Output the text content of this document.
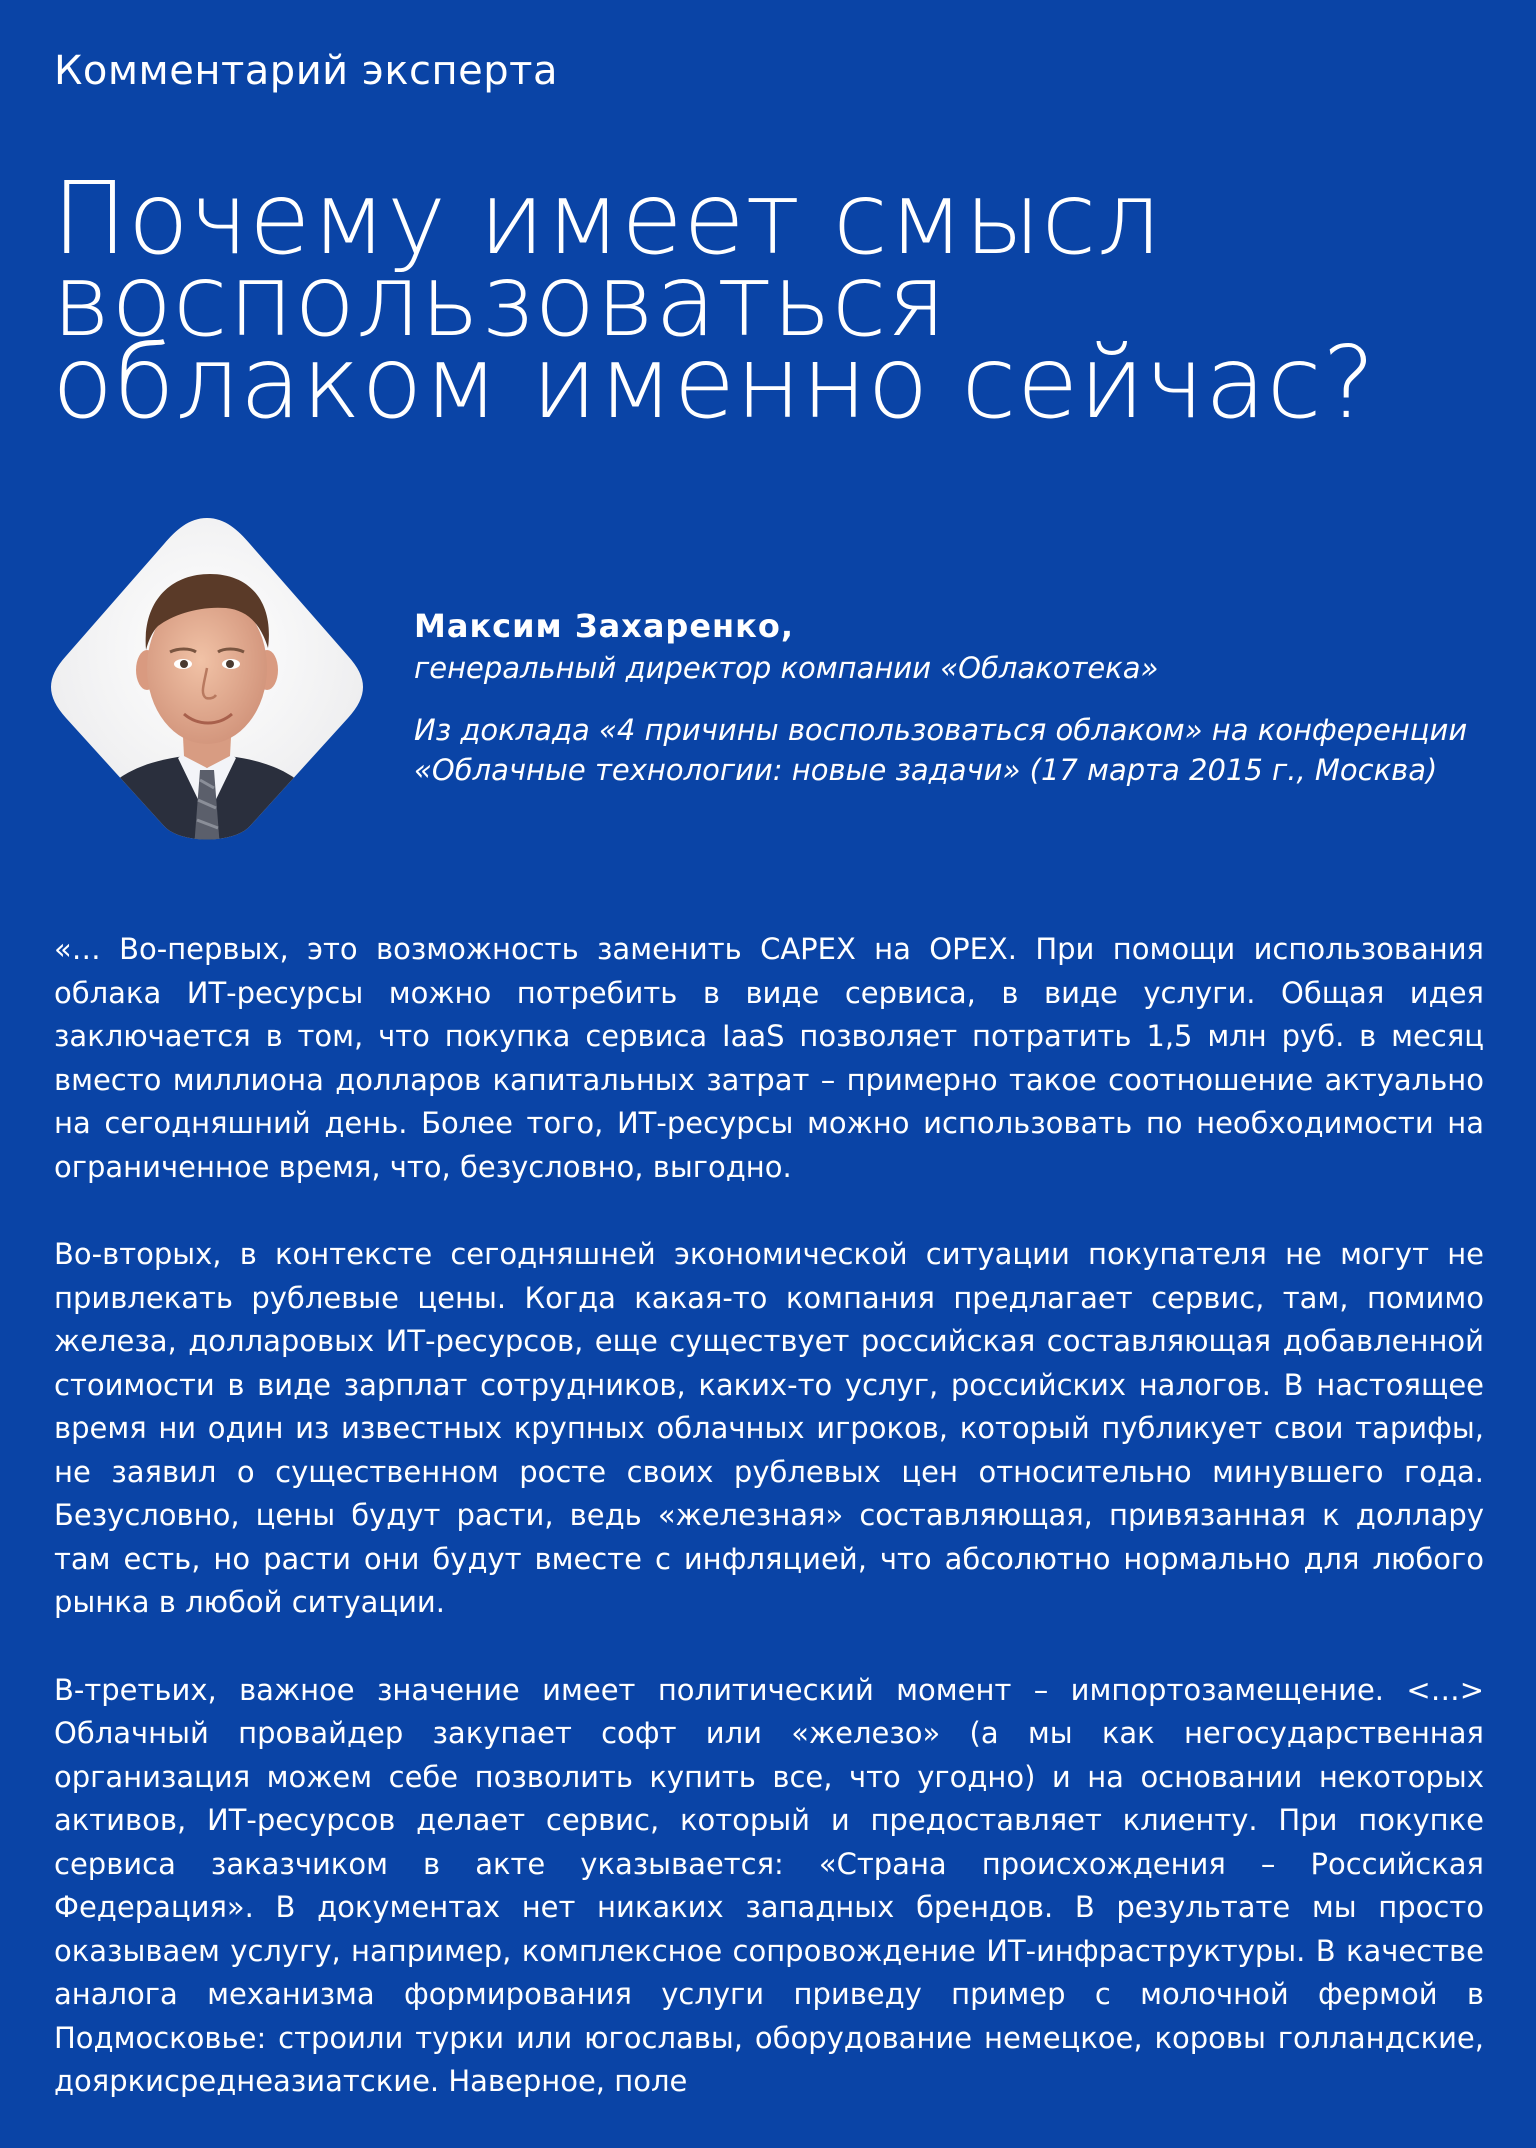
Комментарий эксперта
Почему имеет смысл
воспользоваться
облаком именно сейчас?

Максим Захаренко,

генеральный директор компании «Облакотека»

Из доклада «4 причины воспользоваться облаком» на конференции
«Облачные технологии: новые задачи» (17 марта 2015 г., Москва)

«… Во-первых, это возможность заменить CAPEX на OPEX. При помощи использования облака ИТ-ресурсы можно потребить в виде сервиса, в виде услуги. Общая идея заключается в том, что покупка сервиса IaaS позволяет потратить 1,5 млн руб. в месяц вместо миллиона долларов капитальных затрат – примерно такое соотношение актуально на сегодняшний день. Более того, ИТ-ресурсы можно использовать по необходимости на ограниченное время, что, безусловно, выгодно.

Во-вторых, в контексте сегодняшней экономической ситуации покупателя не могут не привлекать рублевые цены. Когда какая-то компания предлагает сервис, там, помимо железа, долларовых ИТ-ресурсов, еще существует российская составляющая добавленной стоимости в виде зарплат сотрудников, каких-то услуг, российских налогов. В настоящее время ни один из известных крупных облачных игроков, который публикует свои тарифы, не заявил о существенном росте своих рублевых цен относительно минувшего года. Безусловно, цены будут расти, ведь «железная» составляющая, привязанная к доллару там есть, но расти они будут вместе с инфляцией, что абсолютно нормально для любого рынка в любой ситуации.

В-третьих, важное значение имеет политический момент – импортозамещение. <…> Облачный провайдер закупает софт или «железо» (а мы как негосударственная организация можем себе позволить купить все, что угодно) и на основании некоторых активов, ИТ-ресурсов делает сервис, который и предоставляет клиенту. При покупке сервиса заказчиком в акте указывается: «Страна происхождения – Российская Федерация». В документах нет никаких западных брендов. В результате мы просто оказываем услугу, например, комплексное сопровождение ИТ-инфраструктуры. В качестве аналога механизма формирования услуги приведу пример с молочной фермой в Подмосковье: строили турки или югославы, оборудование немецкое, коровы голландские, дояркисреднеазиатские. Наверное, поле
